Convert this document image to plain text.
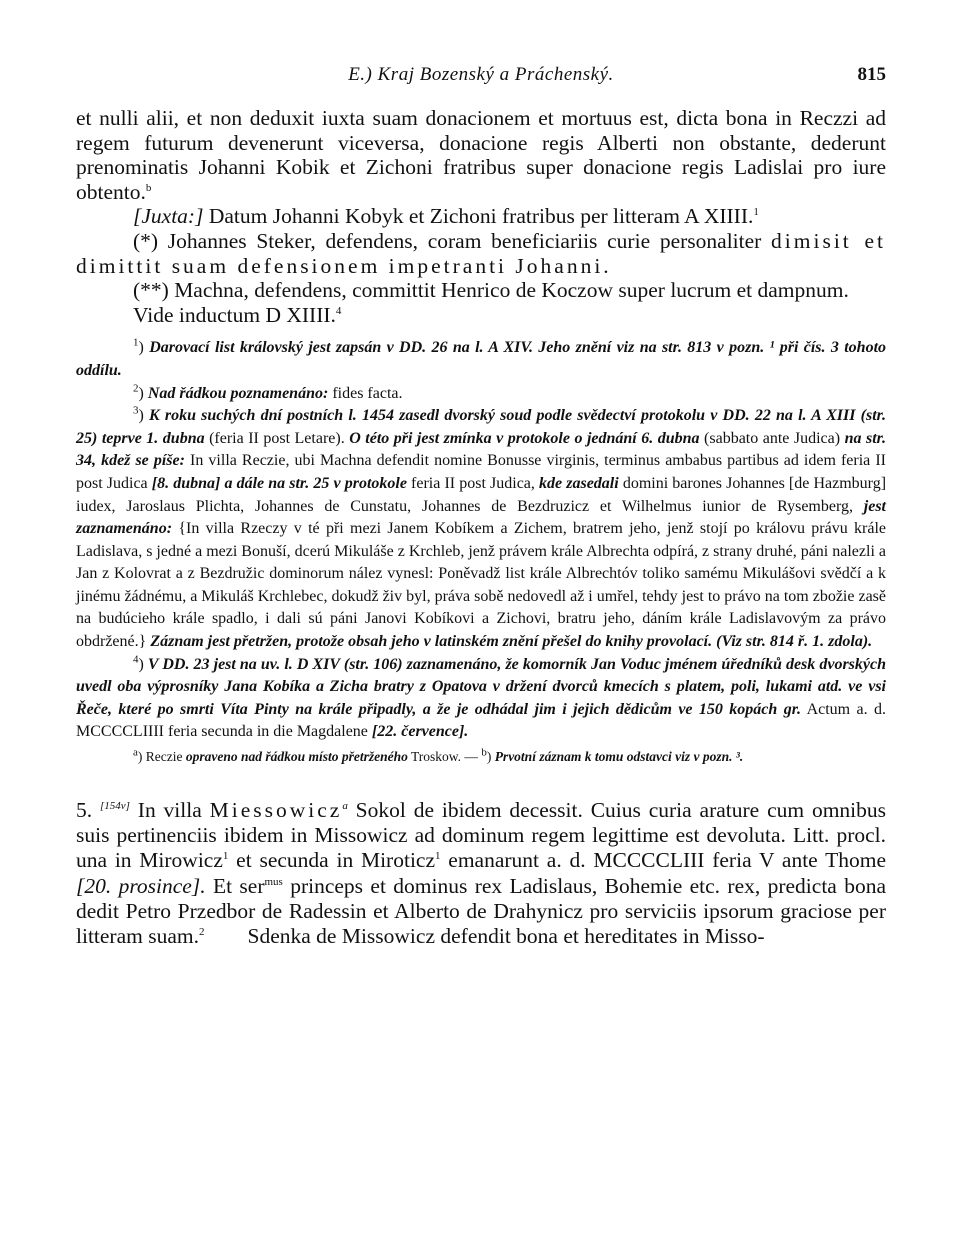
E.) Kraj Bozenský a Práchenský.	815

et nulli alii, et non deduxit iuxta suam donacionem et mortuus est, dicta bona in Reczzi ad regem futurum devenerunt viceversa, donacione regis Alberti non obstante, dederunt prenominatis Johanni Kobik et Zichoni fratribus super donacione regis Ladislai pro iure obtento.$^b$

[Juxta:] Datum Johanni Kobyk et Zichoni fratribus per litteram A XIIII.$^1$

(*) Johannes Steker, defendens, coram beneficiariis curie personaliter dimisit et dimittit suam defensionem impetranti Johanni.

(**) Machna, defendens, committit Henrico de Koczow super lucrum et dampnum.

Vide inductum D XIIII.$^4$

$^1$) Darovací list královský jest zapsán v DD. 26 na l. A XIV. Jeho znění viz na str. 813 v pozn. ¹ při čís. 3 tohoto oddílu.

$^2$) Nad řádkou poznamenáno: fides facta.

$^3$) K roku suchých dní postních l. 1454 zasedl dvorský soud podle svědectví protokolu v DD. 22 na l. A XIII (str. 25) teprve 1. dubna (feria II post Letare). O této při jest zmínka v protokole o jednání 6. dubna (sabbato ante Judica) na str. 34, kdež se píše: In villa Reczie, ubi Machna defendit nomine Bonusse virginis, terminus ambabus partibus ad idem feria II post Judica [8. dubna] a dále na str. 25 v protokole feria II post Judica, kde zasedali domini barones Johannes [de Hazmburg] iudex, Jaroslaus Plichta, Johannes de Cunstatu, Johannes de Bezdruzicz et Wilhelmus iunior de Rysemberg, jest zaznamenáno: {In villa Rzeczy v té při mezi Janem Kobíkem a Zichem, bratrem jeho, jenž stojí po královu právu krále Ladislava, s jedné a mezi Bonuší, dcerú Mikuláše z Krchleb, jenž právem krále Albrechta odpírá, z strany druhé, páni nalezli a Jan z Kolovrat a z Bezdružic dominorum nález vynesl: Poněvadž list krále Albrechtóv toliko samému Mikulášovi svědčí a k jinému žádnému, a Mikuláš Krchlebec, dokudž živ byl, práva sobě nedovedl až i umřel, tehdy jest to právo na tom zbožie zasě na budúcieho krále spadlo, i dali sú páni Janovi Kobíkovi a Zichovi, bratru jeho, dáním krále Ladislavovým za právo obdržené.} Záznam jest přetržen, protože obsah jeho v latinském znění přešel do knihy provolací. (Viz str. 814 ř. 1. zdola).

$^4$) V DD. 23 jest na uv. l. D XIV (str. 106) zaznamenáno, že komorník Jan Voduc jménem úředníků desk dvorských uvedl oba výprosníky Jana Kobíka a Zicha bratry z Opatova v držení dvorců kmecích s platem, poli, lukami atd. ve vsi Řeče, které po smrti Víta Pinty na krále připadly, a že je odhádal jim i jejich dědicům ve 150 kopách gr. Actum a. d. MCCCCLIIII feria secunda in die Magdalene [22. července].

$^a$) Reczie opraveno nad řádkou místo přetrženého Troskow. — $^b$) Prvotní záznam k tomu odstavci viz v pozn. ³.

5. [154v] In villa Miessowicz$^a$ Sokol de ibidem decessit. Cuius curia arature cum omnibus suis pertinenciis ibidem in Missowicz ad dominum regem legittime est devoluta. Litt. procl. una in Mirowicz$^1$ et secunda in Miroticz$^1$ emanarunt a. d. MCCCCLIII feria V ante Thome [20. prosince]. Et ser$^{mus}$ princeps et dominus rex Ladislaus, Bohemie etc. rex, predicta bona dedit Petro Przedbor de Radessin et Alberto de Drahynicz pro serviciis ipsorum graciose per litteram suam.$^2$        Sdenka de Missowicz defendit bona et hereditates in Misso-
